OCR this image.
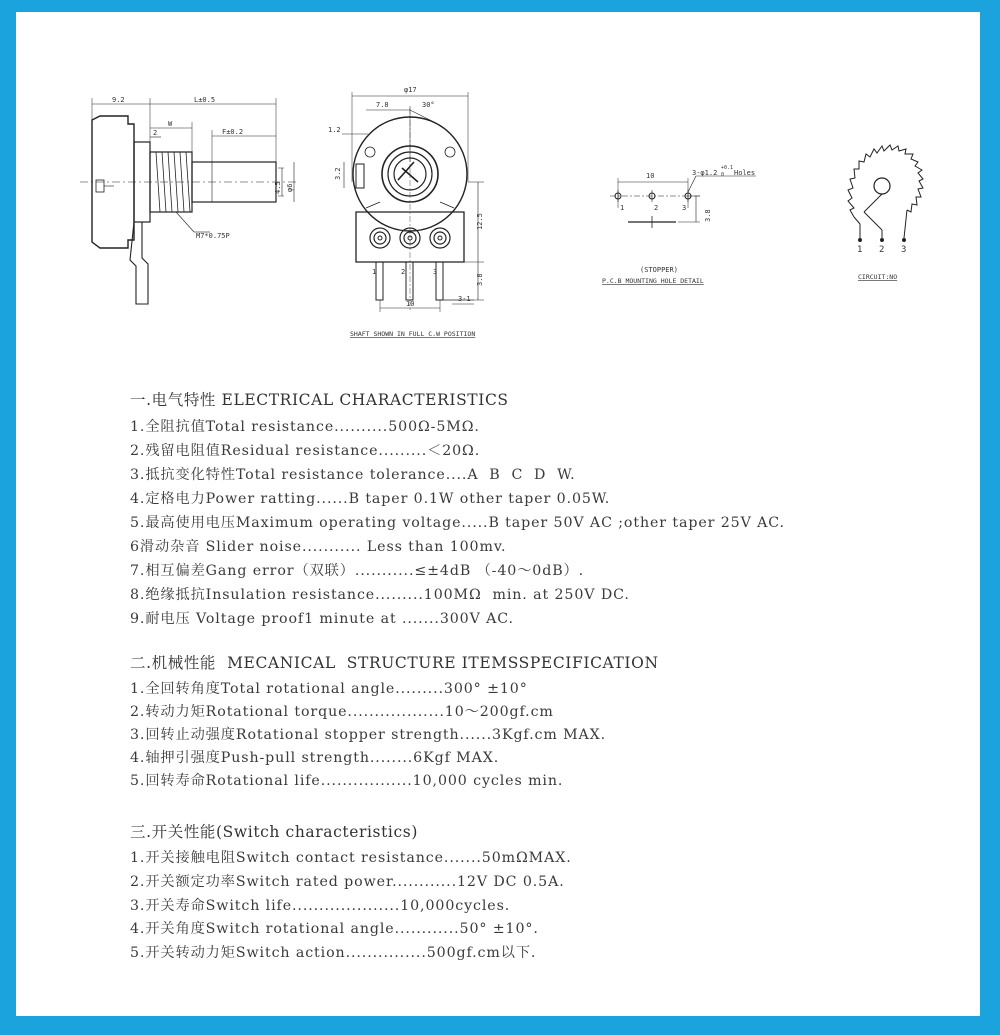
9.2	L±0.5
W
2	F±0.2
4.5 φ6
M7*0.75P
φ17
7.8	30°
1.2
3.2
12.5
3.8
10
3-1
1	2	3
SHAFT SHOWN IN FULL C.W POSITION
10	3-φ1.2
+0.1
0 Holes
3.8
1	2	3
(STOPPER)
P.C.B MOUNTING HOLE DETAIL
1 2 3
CIRCUIT:NO
一.电气特性 ELECTRICAL CHARACTERISTICS
1.全阻抗值Total resistance..........500Ω-5MΩ.
2.残留电阻值Residual resistance.........＜20Ω.
3.抵抗变化特性Total resistance tolerance....A  B  C  D  W.
4.定格电力Power ratting......B taper 0.1W other taper 0.05W.
5.最高使用电压Maximum operating voltage.....B taper 50V AC ;other taper 25V AC.
6滑动杂音 Slider noise........... Less than 100mv.
7.相互偏差Gang error（双联）...........≤±4dB （-40～0dB）.
8.绝缘抵抗Insulation resistance.........100MΩ  min. at 250V DC.
9.耐电压 Voltage proof1 minute at .......300V AC.
二.机械性能  MECANICAL  STRUCTURE ITEMSSPECIFICATION
1.全回转角度Total rotational angle.........300° ±10°
2.转动力矩Rotational torque..................10～200gf.cm
3.回转止动强度Rotational stopper strength......3Kgf.cm MAX.
4.轴押引强度Push-pull strength........6Kgf MAX.
5.回转寿命Rotational life.................10,000 cycles min.
三.开关性能(Switch characteristics)
1.开关接触电阻Switch contact resistance.......50mΩMAX.
2.开关额定功率Switch rated power............12V DC 0.5A.
3.开关寿命Switch life....................10,000cycles.
4.开关角度Switch rotational angle............50° ±10°.
5.开关转动力矩Switch action...............500gf.cm以下.
